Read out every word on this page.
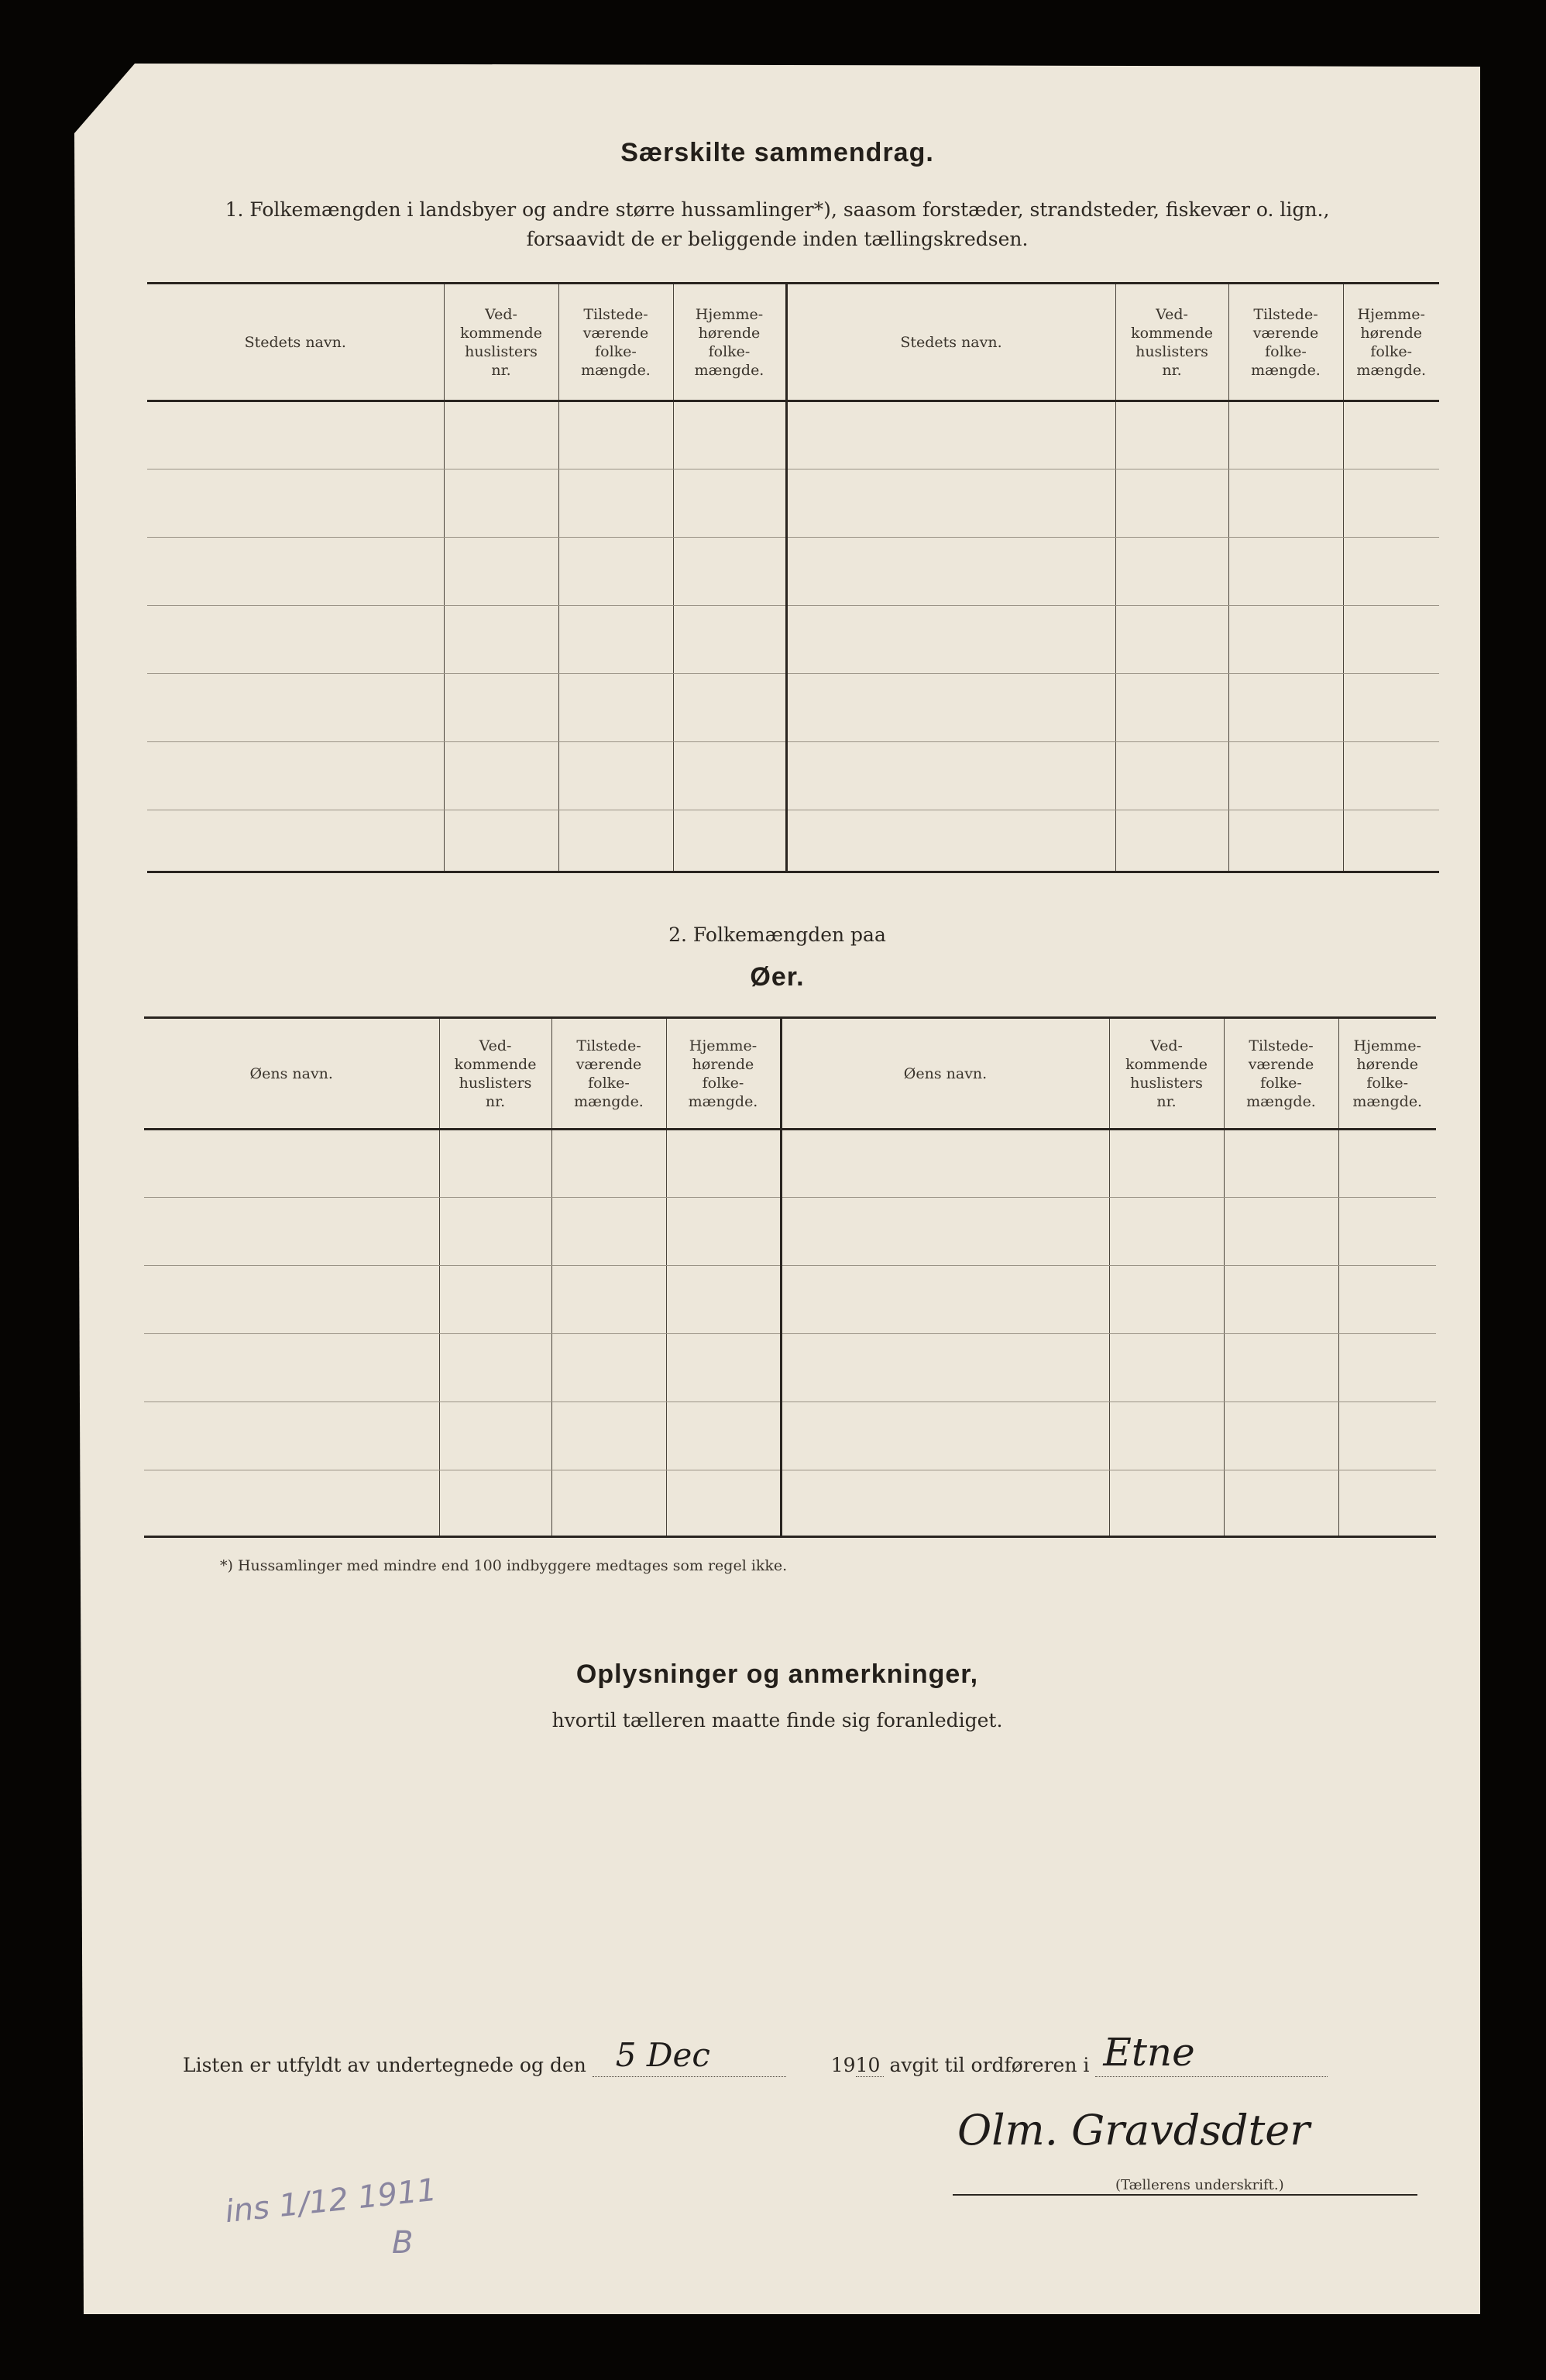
Særskilte sammendrag.
1. Folkemængden i landsbyer og andre større hussamlinger*), saasom forstæder, strandsteder, fiskevær o. lign.,
forsaavidt de er beliggende inden tællingskredsen.
Stedets navn.	Ved-
kommende
huslisters
nr.	Tilstede-
værende
folke-
mængde.	Hjemme-
hørende
folke-
mængde.	Stedets navn.	Ved-
kommende
huslisters
nr.	Tilstede-
værende
folke-
mængde.	Hjemme-
hørende
folke-
mængde.

2. Folkemængden paa
Øer.
Øens navn.	Ved-
kommende
huslisters
nr.	Tilstede-
værende
folke-
mængde.	Hjemme-
hørende
folke-
mængde.	Øens navn.	Ved-
kommende
huslisters
nr.	Tilstede-
værende
folke-
mængde.	Hjemme-
hørende
folke-
mængde.

*) Hussamlinger med mindre end 100 indbyggere medtages som regel ikke.
Oplysninger og anmerkninger,
hvortil tælleren maatte finde sig foranlediget.
Listen er utfyldt av undertegnede og den 5 Dec	1910 avgit til ordføreren i Etne
Olm. Gravdsdter
(Tællerens underskrift.)
ins 1/12 1911
B
